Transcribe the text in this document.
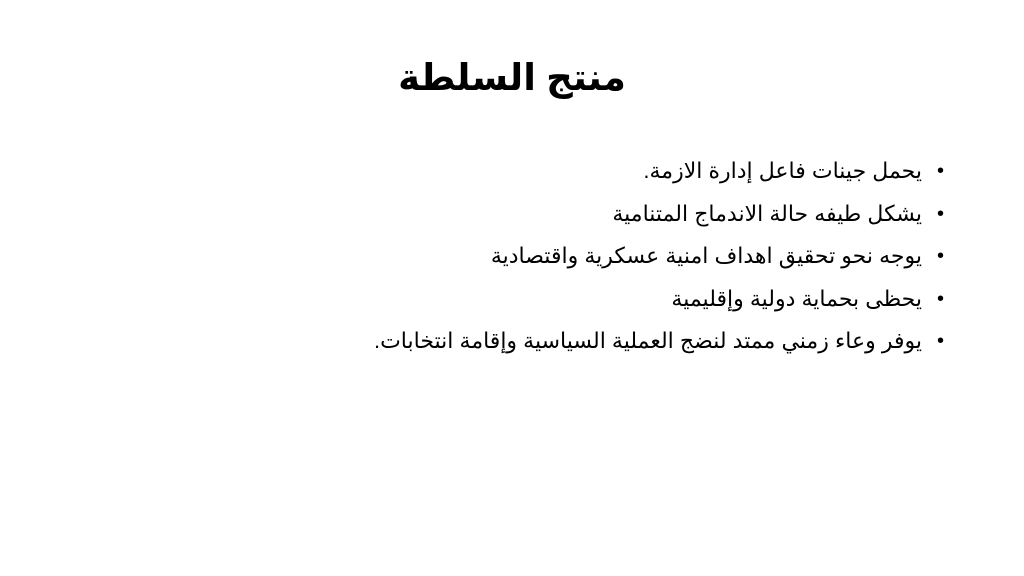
منتج السلطة
•
يحمل جينات فاعل إدارة الازمة.
•
يشكل طيفه حالة الاندماج المتنامية
•
يوجه نحو تحقيق اهداف امنية عسكرية واقتصادية
•
يحظى بحماية دولية وإقليمية
•
يوفر وعاء زمني ممتد لنضج العملية السياسية وإقامة انتخابات.
